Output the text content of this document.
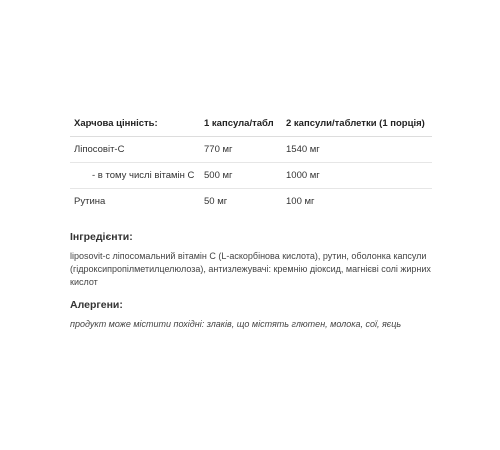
Харчова цінність:	1 капсула/табл	2 капсули/таблетки (1 порція)
Ліпосовіт-С	770 мг	1540 мг
- в тому числі вітамін С	500 мг	1000 мг
Рутина	50 мг	100 мг
Інгредієнти:

liposovit-c ліпосомальний вітамін С (L-аскорбінова кислота), рутин, оболонка капсули (гідроксипропілметилцелюлоза), антизлежувачі: кремнію діоксид, магнієві солі жирних кислот

Алергени:

продукт може містити похідні: злаків, що містять глютен, молока, сої, яєць
